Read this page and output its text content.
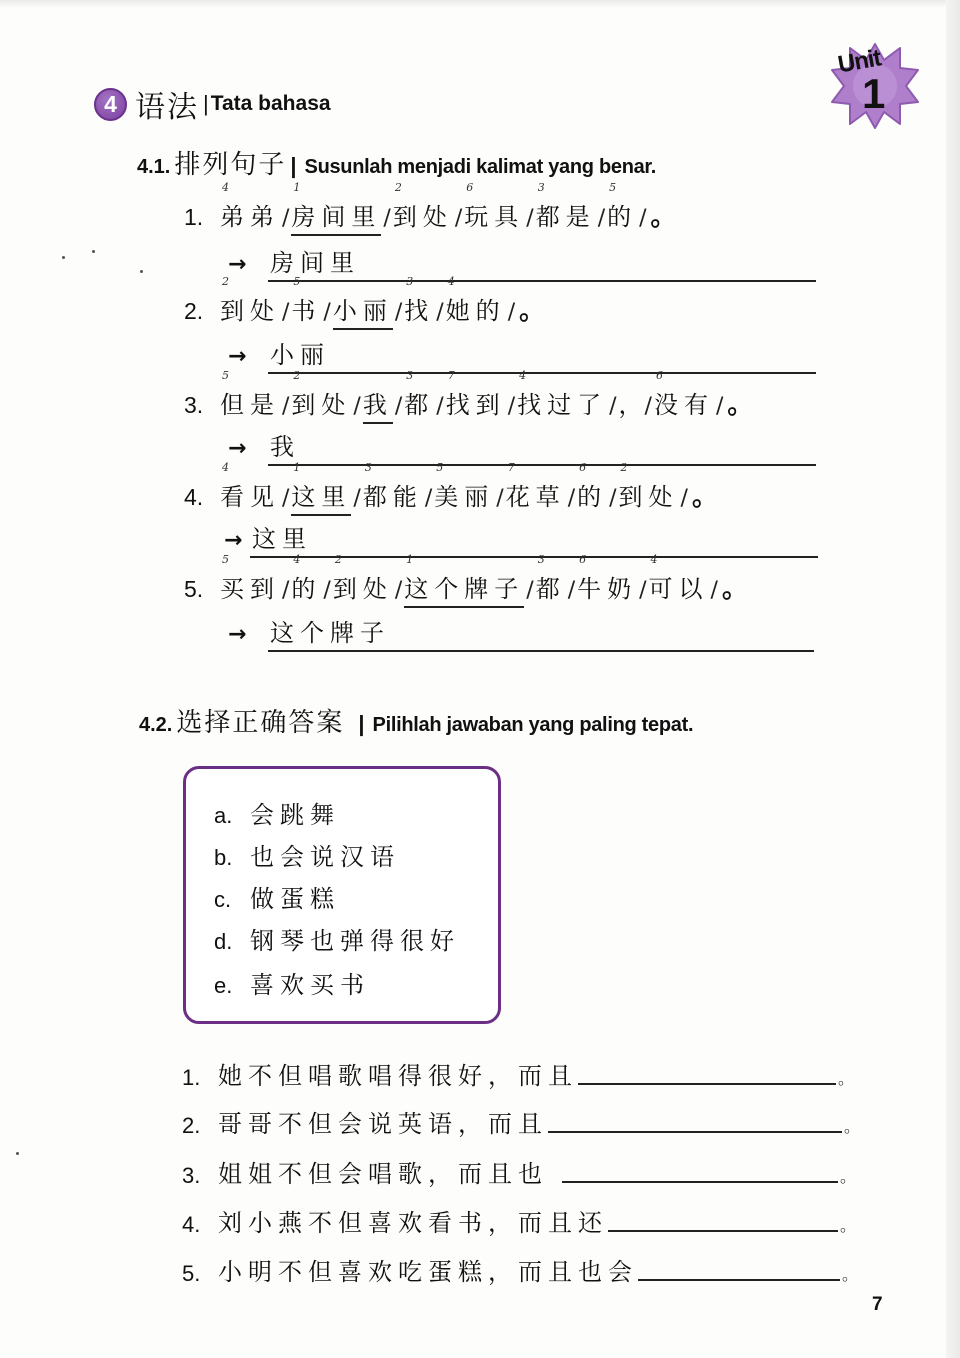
Unit
1
4 语法 | Tata bahasa
4.1. 排列句子 | Susunlah menjadi kalimat yang benar.
1.
4
弟弟 /
1
房间里 /
2
到处 /
6
玩具 /
3
都是 /
5
的 / 。
→ 房间里
2.
2
到处 /
5
书 / 小丽 /
3
找 /
4
她的 / 。
→ 小丽
3.
5
但是 /
2
到处 / 我 /
3
都 /
7
找到 /
4
找过了 / ， /
6
没有 / 。
→ 我
4.
4
看见 /
1
这里 /
3
都能 /
5
美丽 /
7
花草 /
6
的 /
2
到处 / 。
→ 这里
5.
5
买到 /
4
的 /
2
到处 /
1
这个牌子 /
3
都 /
6
牛奶 /
4
可以 / 。
→ 这个牌子
4.2. 选择正确答案 | Pilihlah jawaban yang paling tepat.
a. 会跳舞
b. 也会说汉语
c. 做蛋糕
d. 钢琴也弹得很好
e. 喜欢买书
1. 她不但唱歌唱得很好，而且	。
2. 哥哥不但会说英语，而且	。
3. 姐姐不但会唱歌，而且也	。
4. 刘小燕不但喜欢看书，而且还	。
5. 小明不但喜欢吃蛋糕，而且也会	。
7
